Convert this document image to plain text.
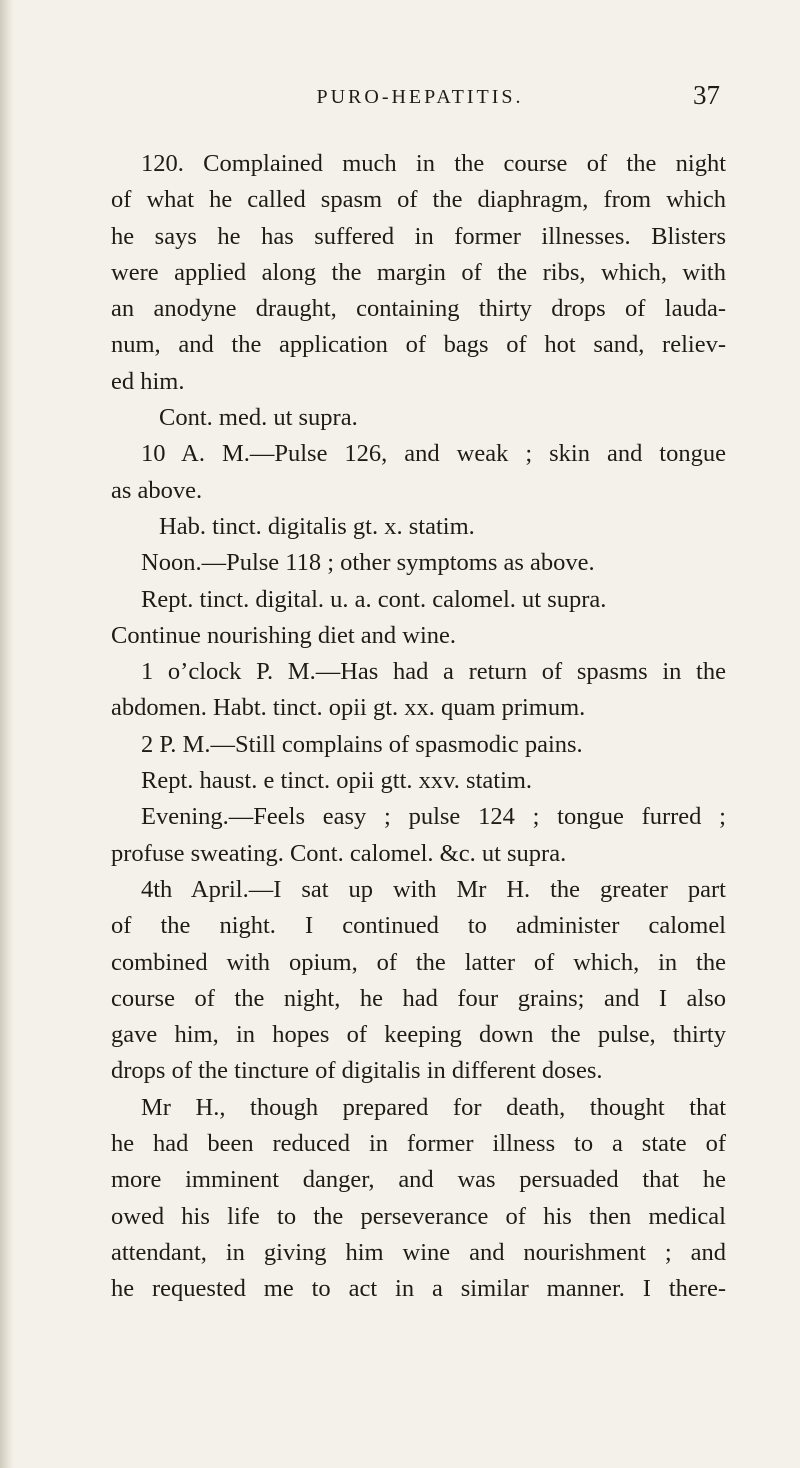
PURO-HEPATITIS.	37
120. Complained much in the course of the night
of what he called spasm of the diaphragm, from which
he says he has suffered in former illnesses. Blisters
were applied along the margin of the ribs, which, with
an anodyne draught, containing thirty drops of lauda-
num, and the application of bags of hot sand, reliev-
ed him.
Cont. med. ut supra.
10 A. M.—Pulse 126, and weak ; skin and tongue
as above.
Hab. tinct. digitalis gt. x. statim.
Noon.—Pulse 118 ; other symptoms as above.
Rept. tinct. digital. u. a. cont. calomel. ut supra.
Continue nourishing diet and wine.
1 o’clock P. M.—Has had a return of spasms in the
abdomen. Habt. tinct. opii gt. xx. quam primum.
2 P. M.—Still complains of spasmodic pains.
Rept. haust. e tinct. opii gtt. xxv. statim.
Evening.—Feels easy ; pulse 124 ; tongue furred ;
profuse sweating. Cont. calomel. &c. ut supra.
4th April.—I sat up with Mr H. the greater part
of the night. I continued to administer calomel
combined with opium, of the latter of which, in the
course of the night, he had four grains; and I also
gave him, in hopes of keeping down the pulse, thirty
drops of the tincture of digitalis in different doses.
Mr H., though prepared for death, thought that
he had been reduced in former illness to a state of
more imminent danger, and was persuaded that he
owed his life to the perseverance of his then medical
attendant, in giving him wine and nourishment ; and
he requested me to act in a similar manner. I there-
